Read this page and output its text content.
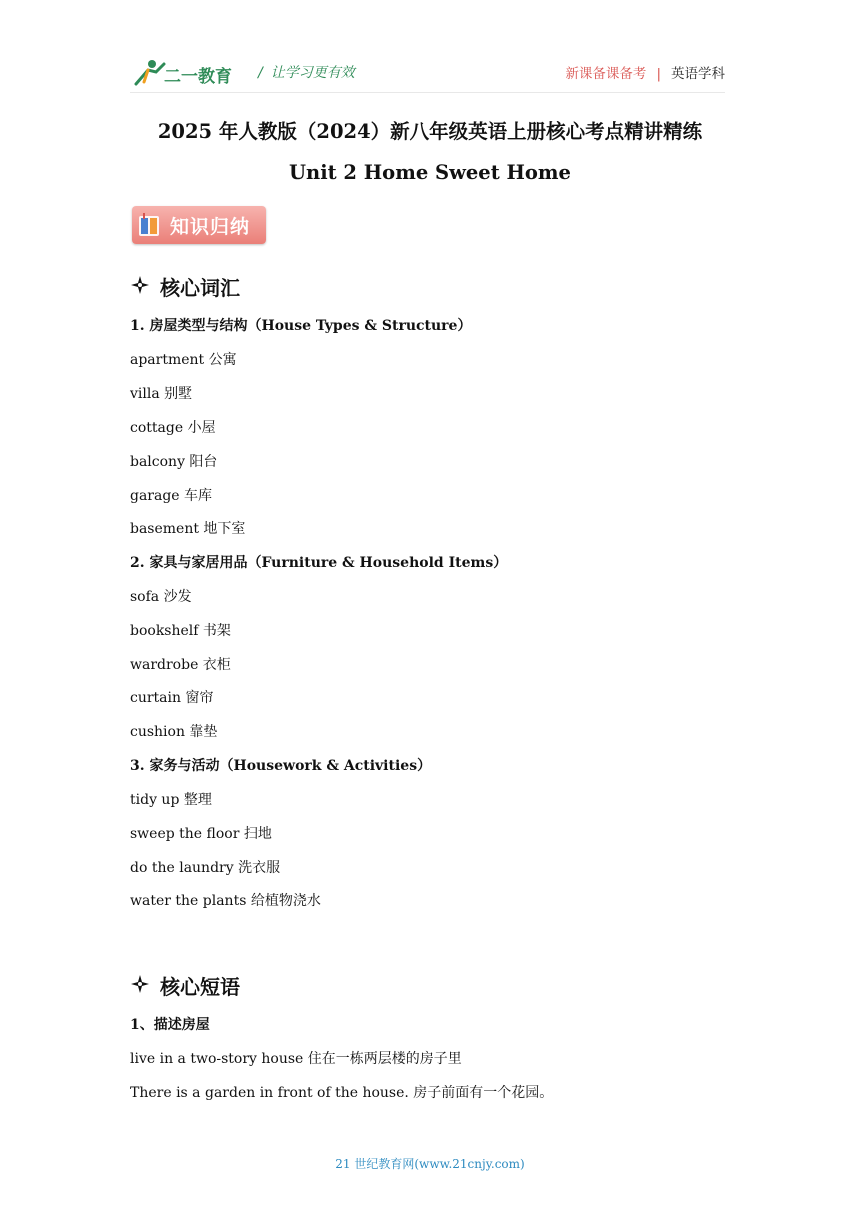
二一教育 / 让学习更有效	新课备课备考 | 英语学科
2025 年人教版（2024）新八年级英语上册核心考点精讲精练
Unit 2 Home Sweet Home
知识归纳
核心词汇
1. 房屋类型与结构（House Types & Structure）
apartment 公寓
villa 别墅
cottage 小屋
balcony 阳台
garage 车库
basement 地下室
2. 家具与家居用品（Furniture & Household Items）
sofa 沙发
bookshelf 书架
wardrobe 衣柜
curtain 窗帘
cushion 靠垫
3. 家务与活动（Housework & Activities）
tidy up 整理
sweep the floor 扫地
do the laundry 洗衣服
water the plants 给植物浇水
核心短语
1、描述房屋
live in a two-story house 住在一栋两层楼的房子里
There is a garden in front of the house. 房子前面有一个花园。
21 世纪教育网(www.21cnjy.com)
